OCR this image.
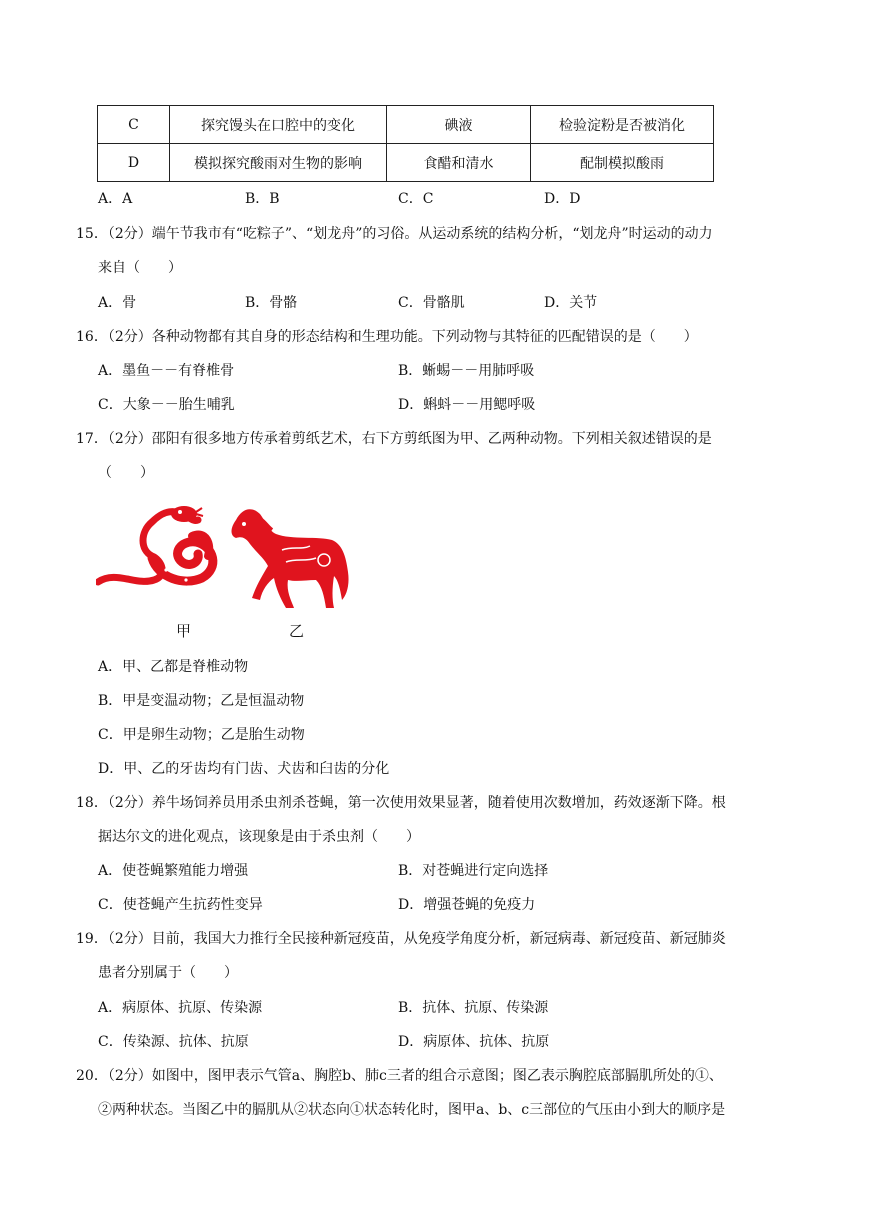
C	探究馒头在口腔中的变化	碘液	检验淀粉是否被消化
D	模拟探究酸雨对生物的影响	食醋和清水	配制模拟酸雨
A．A	B．B	C．C	D．D
15．（2分）端午节我市有“吃粽子”、“划龙舟”的习俗。从运动系统的结构分析，“划龙舟”时运动的动力
来自（　　）
A．骨	B．骨骼	C．骨骼肌	D．关节
16．（2分）各种动物都有其自身的形态结构和生理功能。下列动物与其特征的匹配错误的是（　　）
A．墨鱼－－有脊椎骨	B．蜥蜴－－用肺呼吸
C．大象－－胎生哺乳	D．蝌蚪－－用鳃呼吸
17．（2分）邵阳有很多地方传承着剪纸艺术，右下方剪纸图为甲、乙两种动物。下列相关叙述错误的是
（　　）
甲	乙
A．甲、乙都是脊椎动物
B．甲是变温动物；乙是恒温动物
C．甲是卵生动物；乙是胎生动物
D．甲、乙的牙齿均有门齿、犬齿和臼齿的分化
18．（2分）养牛场饲养员用杀虫剂杀苍蝇，第一次使用效果显著，随着使用次数增加，药效逐渐下降。根
据达尔文的进化观点，该现象是由于杀虫剂（　　）
A．使苍蝇繁殖能力增强	B．对苍蝇进行定向选择
C．使苍蝇产生抗药性变异	D．增强苍蝇的免疫力
19．（2分）目前，我国大力推行全民接种新冠疫苗，从免疫学角度分析，新冠病毒、新冠疫苗、新冠肺炎
患者分别属于（　　）
A．病原体、抗原、传染源	B．抗体、抗原、传染源
C．传染源、抗体、抗原	D．病原体、抗体、抗原
20．（2分）如图中，图甲表示气管a、胸腔b、肺c三者的组合示意图；图乙表示胸腔底部膈肌所处的①、
②两种状态。当图乙中的膈肌从②状态向①状态转化时，图甲a、b、c三部位的气压由小到大的顺序是
